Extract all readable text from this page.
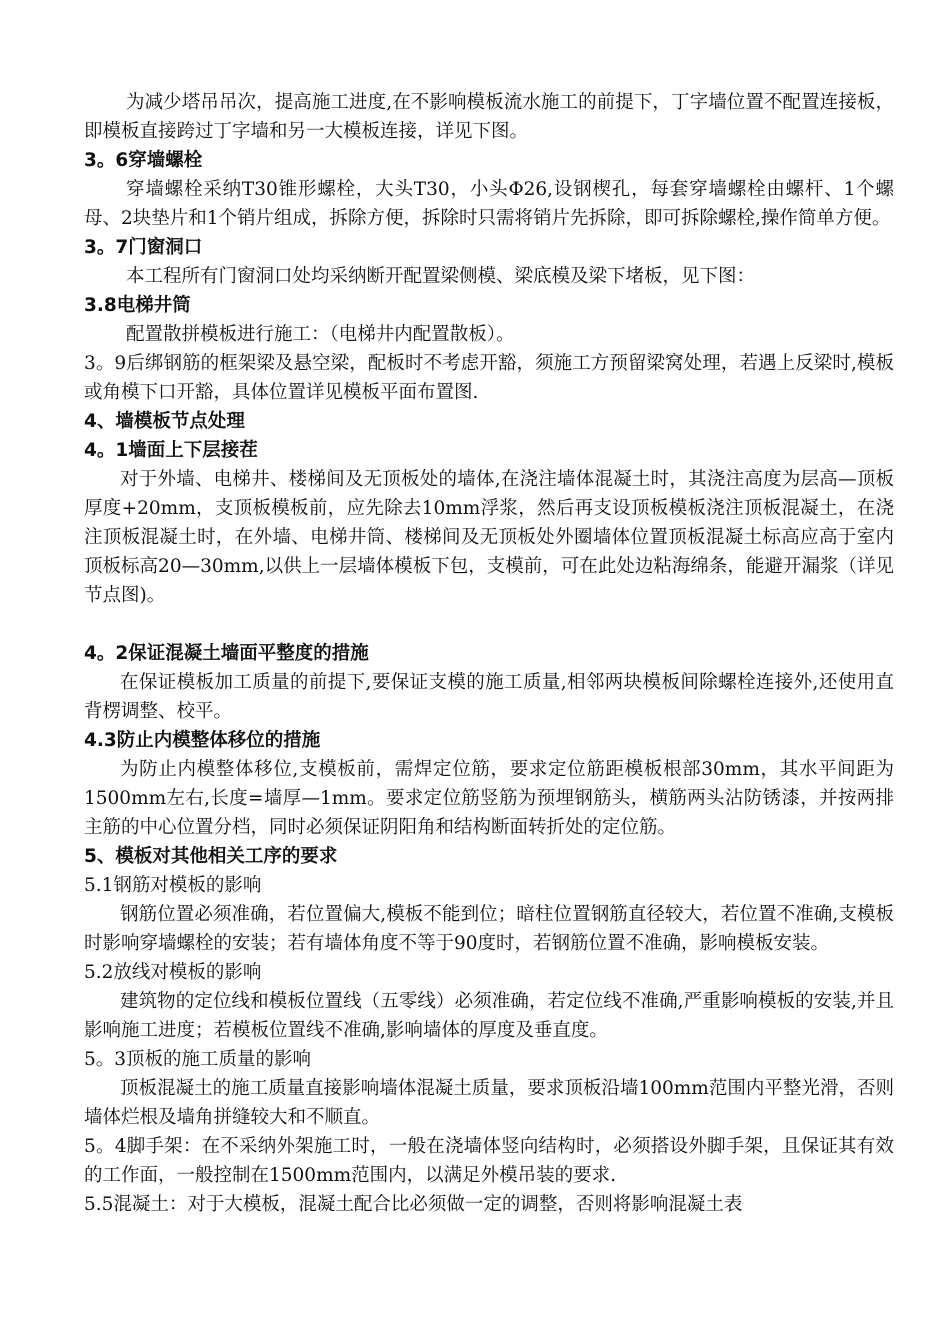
为减少塔吊吊次，提高施工进度,在不影响模板流水施工的前提下，丁字墙位置不配置连接板，即模板直接跨过丁字墙和另一大模板连接，详见下图。

3。6穿墙螺栓

穿墙螺栓采纳T30锥形螺栓，大头T30，小头Φ26,设钢楔孔，每套穿墙螺栓由螺杆、1个螺母、2块垫片和1个销片组成，拆除方便，拆除时只需将销片先拆除，即可拆除螺栓,操作简单方便。

3。7门窗洞口

本工程所有门窗洞口处均采纳断开配置梁侧模、梁底模及梁下堵板，见下图：

3.8电梯井筒

配置散拼模板进行施工：（电梯井内配置散板）。

3。9后绑钢筋的框架梁及悬空梁，配板时不考虑开豁，须施工方预留梁窝处理，若遇上反梁时,模板或角模下口开豁，具体位置详见模板平面布置图.

4、墙模板节点处理

4。1墙面上下层接茬

对于外墙、电梯井、楼梯间及无顶板处的墙体,在浇注墙体混凝土时，其浇注高度为层高—顶板厚度+20mm，支顶板模板前，应先除去10mm浮浆，然后再支设顶板模板浇注顶板混凝土，在浇注顶板混凝土时，在外墙、电梯井筒、楼梯间及无顶板处外圈墙体位置顶板混凝土标高应高于室内顶板标高20—30mm,以供上一层墙体模板下包，支模前，可在此处边粘海绵条，能避开漏浆（详见节点图)。

4。2保证混凝土墙面平整度的措施

在保证模板加工质量的前提下,要保证支模的施工质量,相邻两块模板间除螺栓连接外,还使用直背楞调整、校平。

4.3防止内模整体移位的措施

为防止内模整体移位,支模板前，需焊定位筋，要求定位筋距模板根部30mm，其水平间距为1500mm左右,长度=墙厚—1mm。要求定位筋竖筋为预埋钢筋头，横筋两头沾防锈漆，并按两排主筋的中心位置分档，同时必须保证阴阳角和结构断面转折处的定位筋。

5、模板对其他相关工序的要求

5.1钢筋对模板的影响

钢筋位置必须准确，若位置偏大,模板不能到位；暗柱位置钢筋直径较大，若位置不准确,支模板时影响穿墙螺栓的安装；若有墙体角度不等于90度时，若钢筋位置不准确，影响模板安装。

5.2放线对模板的影响

建筑物的定位线和模板位置线（五零线）必须准确，若定位线不准确,严重影响模板的安装,并且影响施工进度；若模板位置线不准确,影响墙体的厚度及垂直度。

5。3顶板的施工质量的影响

顶板混凝土的施工质量直接影响墙体混凝土质量，要求顶板沿墙100mm范围内平整光滑，否则墙体烂根及墙角拼缝较大和不顺直。

5。4脚手架：在不采纳外架施工时，一般在浇墙体竖向结构时，必须搭设外脚手架，且保证其有效的工作面，一般控制在1500mm范围内，以满足外模吊装的要求.

5.5混凝土：对于大模板，混凝土配合比必须做一定的调整，否则将影响混凝土表
